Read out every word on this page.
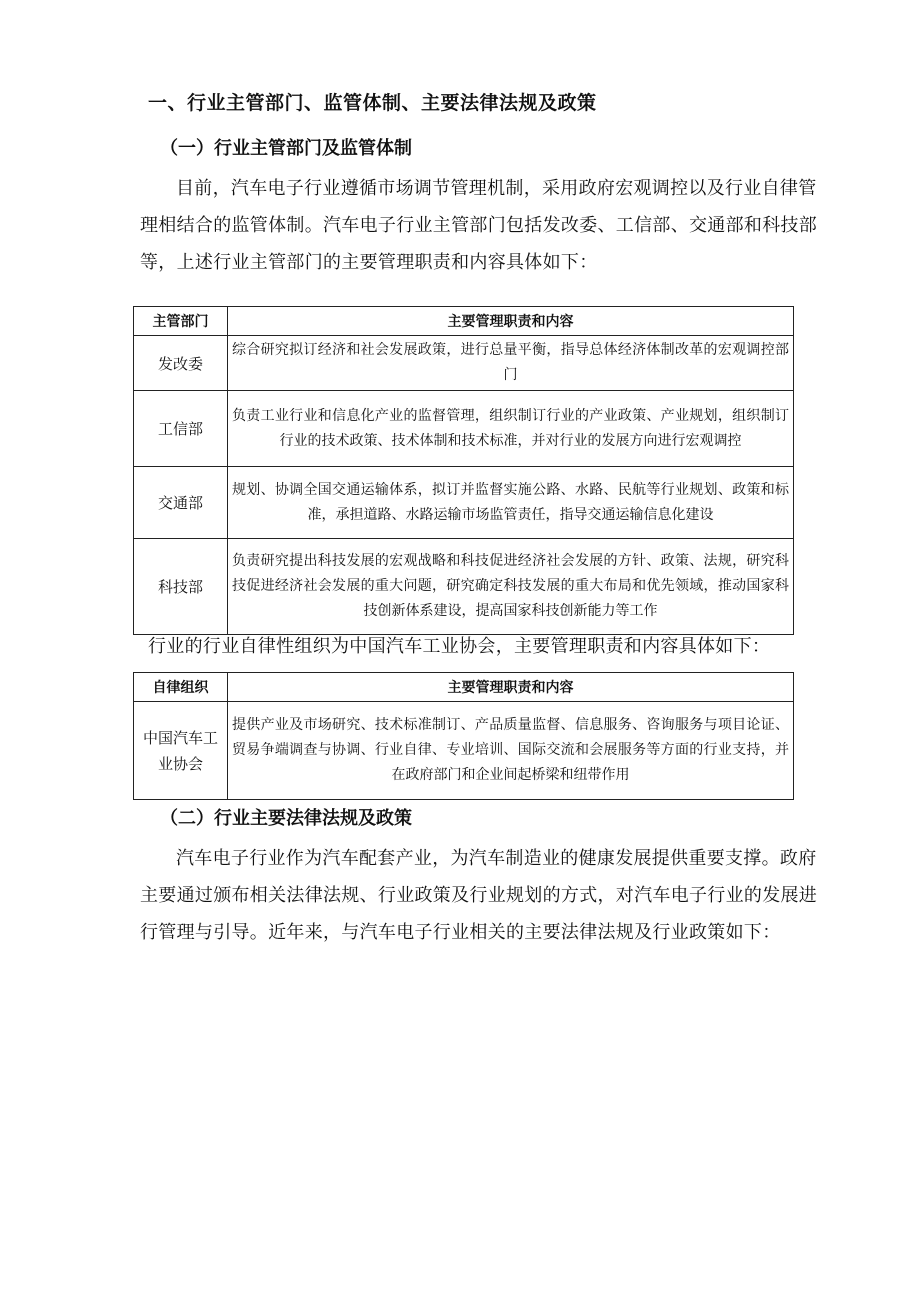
一、行业主管部门、监管体制、主要法律法规及政策
（一）行业主管部门及监管体制

目前，汽车电子行业遵循市场调节管理机制，采用政府宏观调控以及行业自律管理相结合的监管体制。汽车电子行业主管部门包括发改委、工信部、交通部和科技部等，上述行业主管部门的主要管理职责和内容具体如下：

主管部门	主要管理职责和内容
发改委	综合研究拟订经济和社会发展政策，进行总量平衡，指导总体经济体制改革的宏观调控部门
工信部	负责工业行业和信息化产业的监督管理，组织制订行业的产业政策、产业规划，组织制订行业的技术政策、技术体制和技术标准，并对行业的发展方向进行宏观调控
交通部	规划、协调全国交通运输体系，拟订并监督实施公路、水路、民航等行业规划、政策和标准，承担道路、水路运输市场监管责任，指导交通运输信息化建设
科技部	负责研究提出科技发展的宏观战略和科技促进经济社会发展的方针、政策、法规，研究科技促进经济社会发展的重大问题，研究确定科技发展的重大布局和优先领域，推动国家科技创新体系建设，提高国家科技创新能力等工作

行业的行业自律性组织为中国汽车工业协会，主要管理职责和内容具体如下：

自律组织	主要管理职责和内容
中国汽车工业协会	提供产业及市场研究、技术标准制订、产品质量监督、信息服务、咨询服务与项目论证、贸易争端调查与协调、行业自律、专业培训、国际交流和会展服务等方面的行业支持，并在政府部门和企业间起桥梁和纽带作用
（二）行业主要法律法规及政策

汽车电子行业作为汽车配套产业，为汽车制造业的健康发展提供重要支撑。政府主要通过颁布相关法律法规、行业政策及行业规划的方式，对汽车电子行业的发展进行管理与引导。近年来，与汽车电子行业相关的主要法律法规及行业政策如下：
